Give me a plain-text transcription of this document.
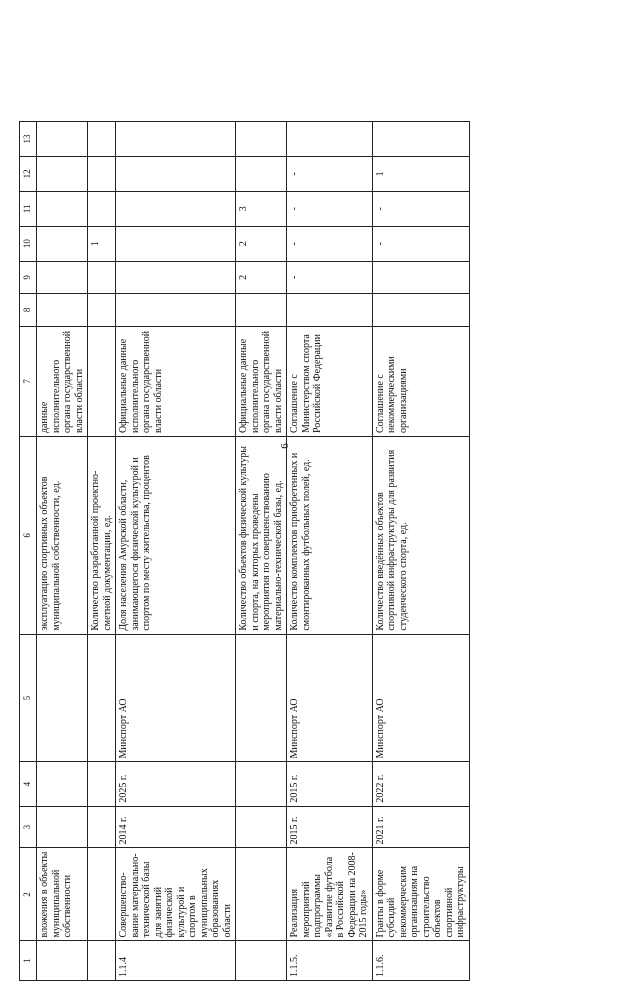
6
1	2	3	4	5	6	7	8	9	10	11	12	13
	вложения в объекты муниципальной собственности				эксплуатацию спортивных объектов муниципальной собственности, ед.	данные исполнительного органа государственной власти области						
					Количество разработанной проектно-сметной документации, ед.				1			
1.1.4	Совершенство-вание материально-технической базы для занятий физической культурой и спортом в муниципальных образованиях области	2014 г.	2025 г.	Минспорт АО	Доля населения Амурской области, занимающегося физической культурой и спортом по месту жительства, процентов	Официальные данные исполнительного органа государственной власти области						
					Количество объектов физической культуры и спорта, на которых проведены мероприятия по совершенствованию материально-технической базы, ед.	Официальные данные исполнительного органа государственной власти области		2	2	3		
1.1.5.	Реализация мероприятий подпрограммы «Развитие футбола в Российской Федерации на 2008-2015 годы»	2015 г.	2015 г.	Минспорт АО	Количество комплектов приобретенных и смонтированных футбольных полей, ед.	Соглашение с Министерством спорта Российской Федерации		-	-	-	-	
1.1.6.	Гранты в форме субсидий некоммерческим организациям на строительство объектов спортивной инфраструктуры	2021 г.	2022 г.	Минспорт АО	Количество введённых объектов спортивной инфраструктуры для развития студенческого спорта, ед.	Соглашение с некоммерческими организациями			-	-	1	
